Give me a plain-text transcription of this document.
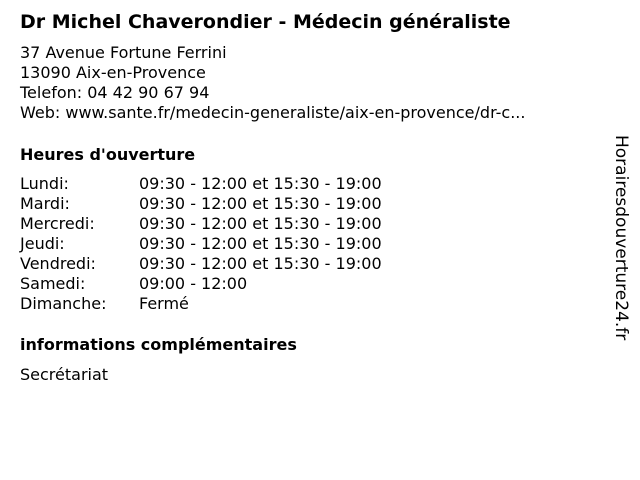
Dr Michel Chaverondier - Médecin généraliste
37 Avenue Fortune Ferrini
13090 Aix-en-Provence
Telefon: 04 42 90 67 94
Web: www.sante.fr/medecin-generaliste/aix-en-provence/dr-c...
Heures d'ouverture
Lundi:	09:30 - 12:00 et 15:30 - 19:00
Mardi:	09:30 - 12:00 et 15:30 - 19:00
Mercredi:	09:30 - 12:00 et 15:30 - 19:00
Jeudi:	09:30 - 12:00 et 15:30 - 19:00
Vendredi:	09:30 - 12:00 et 15:30 - 19:00
Samedi:	09:00 - 12:00
Dimanche:	Fermé
informations complémentaires
Secrétariat
Horairesdouverture24.fr
